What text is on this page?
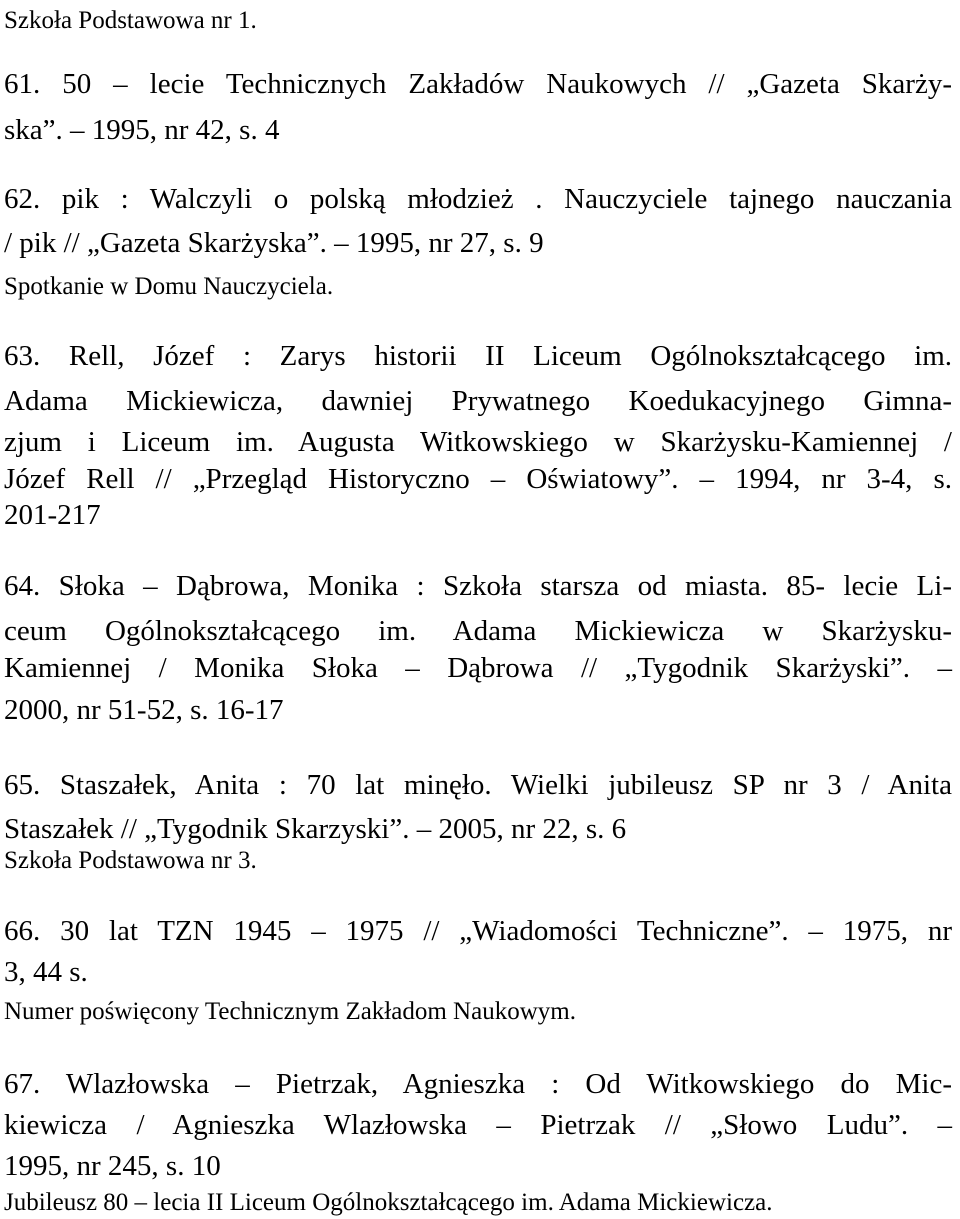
Szkoła Podstawowa nr 1.
61. 50 – lecie Technicznych Zakładów Naukowych // „Gazeta Skarży-
ska”. – 1995, nr 42, s. 4
62. pik : Walczyli o polską młodzież . Nauczyciele tajnego nauczania
/ pik // „Gazeta Skarżyska”. – 1995, nr 27, s. 9
Spotkanie w Domu Nauczyciela.
63. Rell, Józef : Zarys historii II Liceum Ogólnokształcącego im.
Adama Mickiewicza, dawniej Prywatnego Koedukacyjnego Gimna-
zjum i Liceum im. Augusta Witkowskiego w Skarżysku-Kamiennej /
Józef Rell // „Przegląd Historyczno – Oświatowy”. – 1994, nr 3-4, s.
201-217
64. Słoka – Dąbrowa, Monika : Szkoła starsza od miasta. 85- lecie Li-
ceum Ogólnokształcącego im. Adama Mickiewicza w Skarżysku-
Kamiennej / Monika Słoka – Dąbrowa // „Tygodnik Skarżyski”. –
2000, nr 51-52, s. 16-17
65. Staszałek, Anita : 70 lat minęło. Wielki jubileusz SP nr 3 / Anita
Staszałek // „Tygodnik Skarzyski”. – 2005, nr 22, s. 6
Szkoła Podstawowa nr 3.
66. 30 lat TZN 1945 – 1975 // „Wiadomości Techniczne”. – 1975, nr
3, 44 s.
Numer poświęcony Technicznym Zakładom Naukowym.
67. Wlazłowska – Pietrzak, Agnieszka : Od Witkowskiego do Mic-
kiewicza / Agnieszka Wlazłowska – Pietrzak // „Słowo Ludu”. –
1995, nr 245, s. 10
Jubileusz 80 – lecia II Liceum Ogólnokształcącego im. Adama Mickiewicza.
